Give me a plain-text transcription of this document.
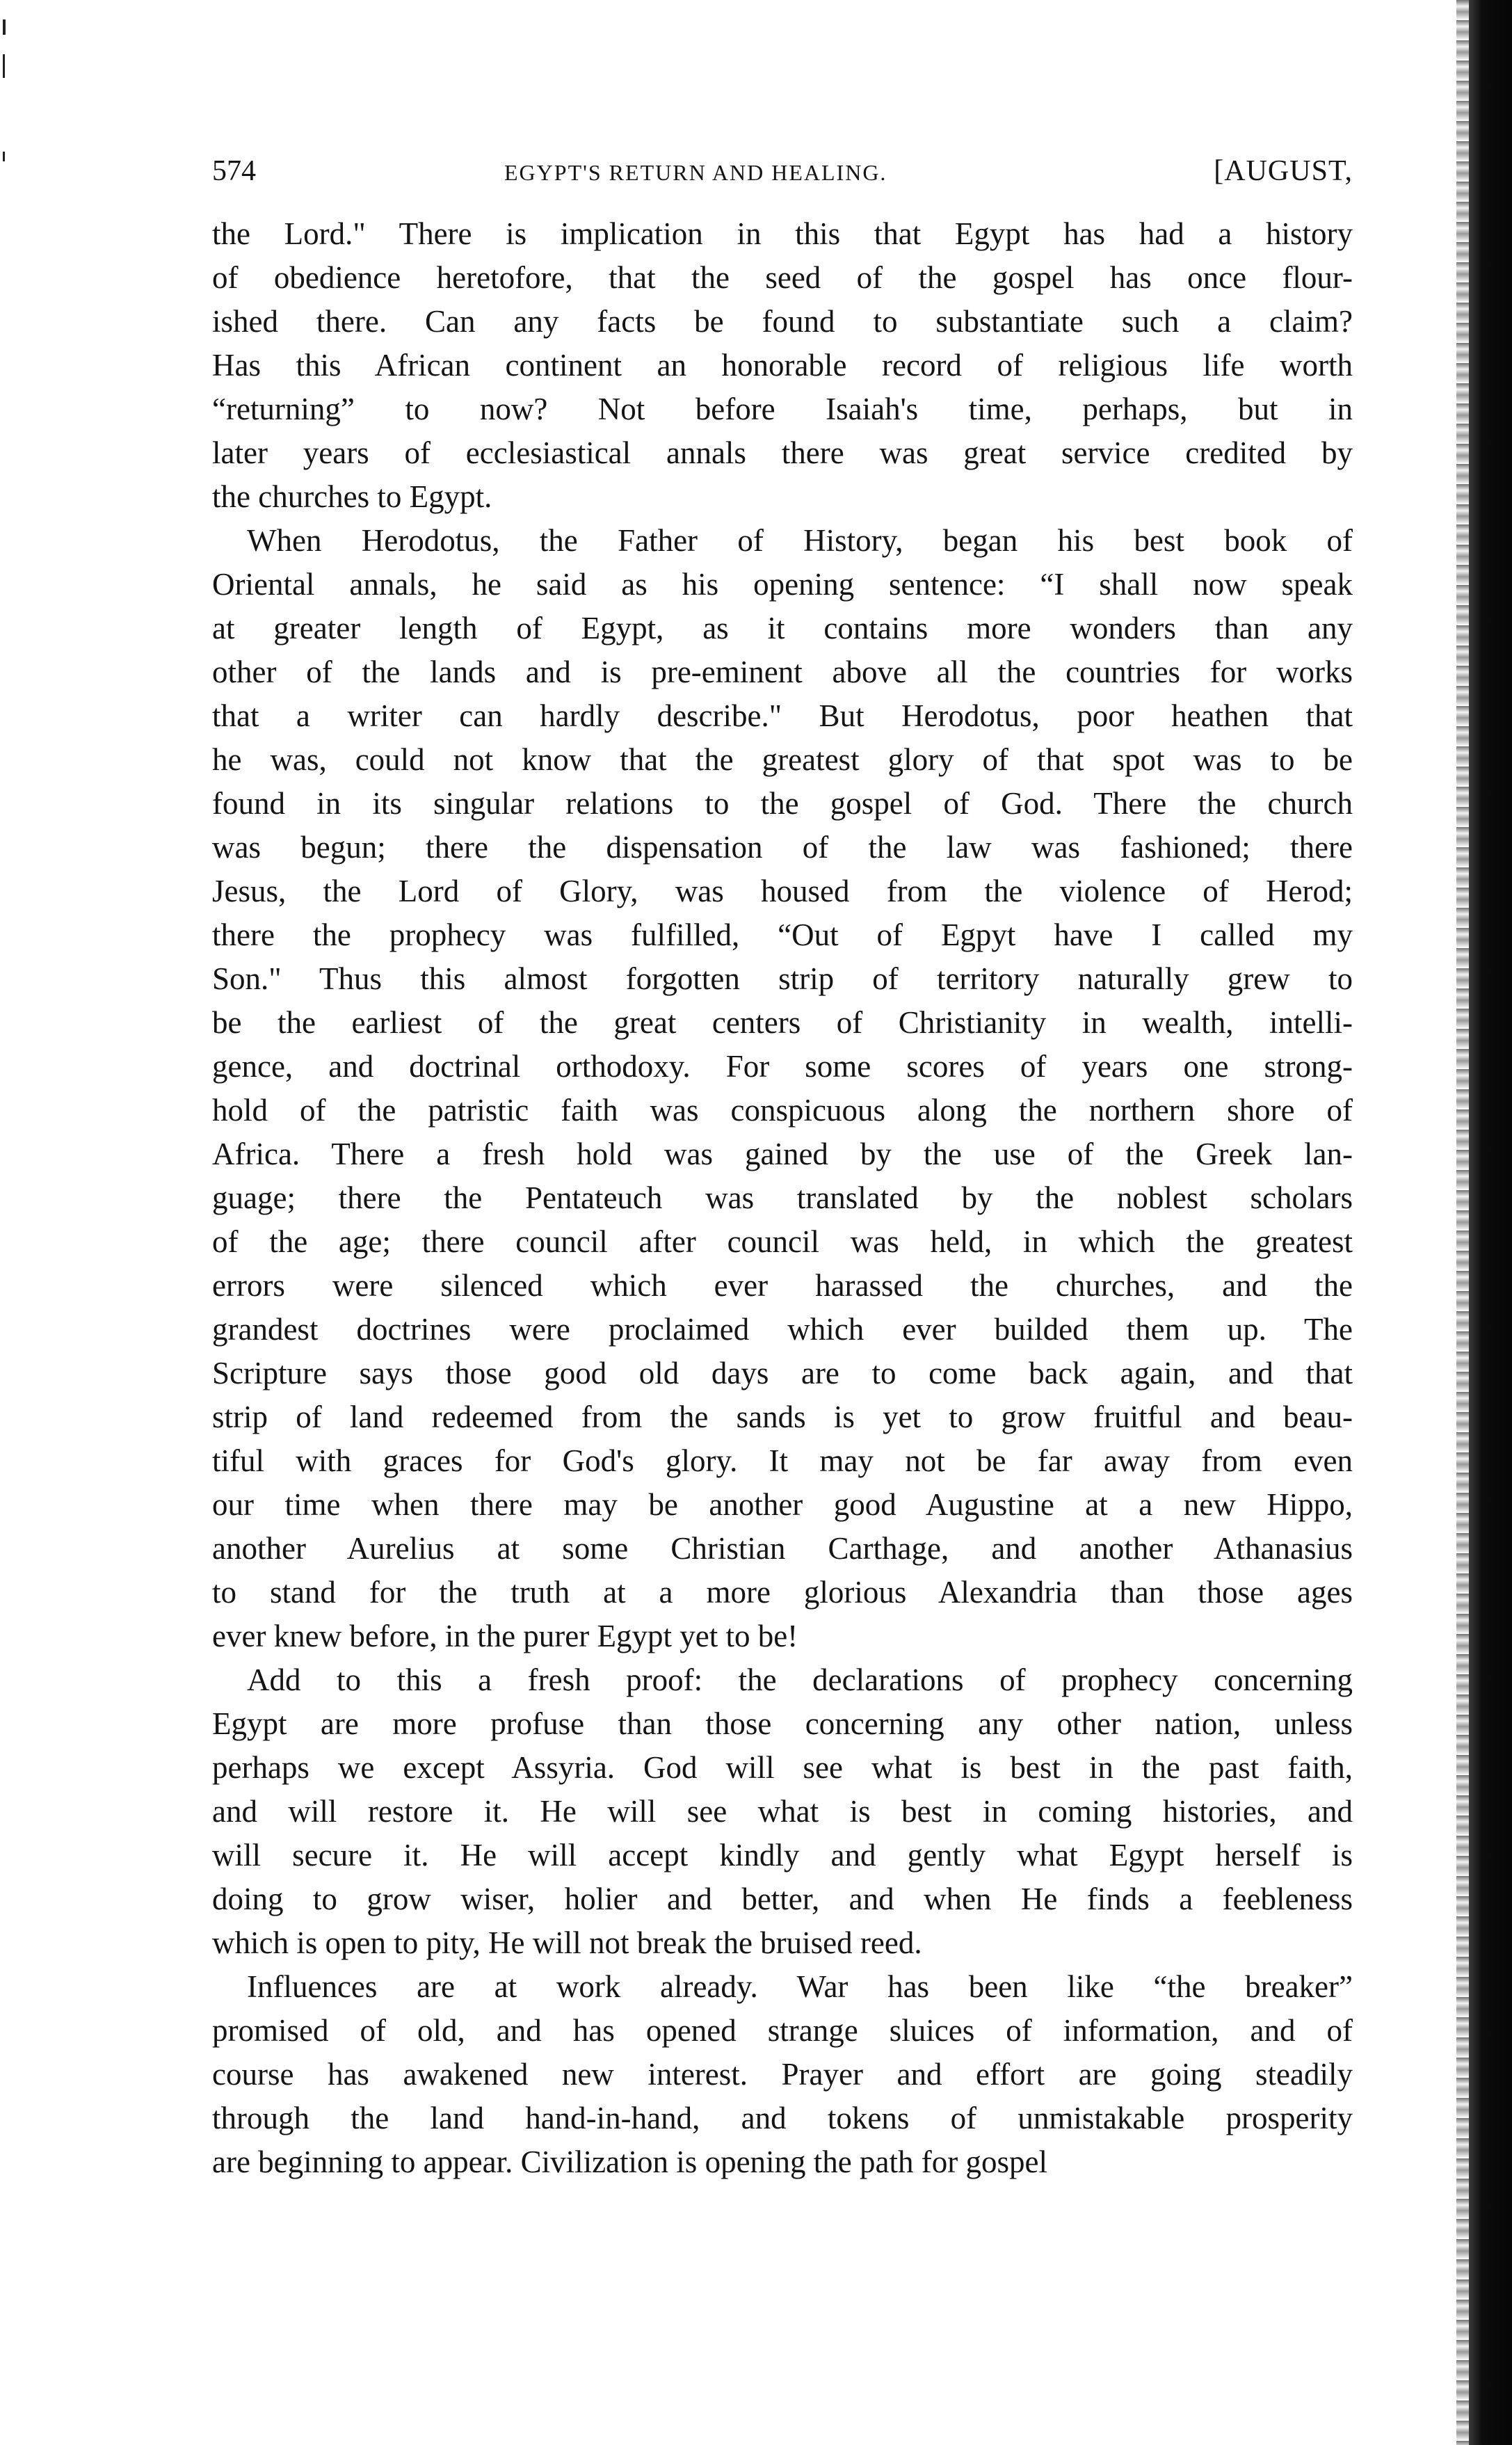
574	EGYPT'S RETURN AND HEALING.	[AUGUST,
the Lord." There is implication in this that Egypt has had a history
of obedience heretofore, that the seed of the gospel has once flour-
ished there. Can any facts be found to substantiate such a claim?
Has this African continent an honorable record of religious life worth
“returning” to now? Not before Isaiah's time, perhaps, but in
later years of ecclesiastical annals there was great service credited by
the churches to Egypt.
When Herodotus, the Father of History, began his best book of
Oriental annals, he said as his opening sentence: “I shall now speak
at greater length of Egypt, as it contains more wonders than any
other of the lands and is pre-eminent above all the countries for works
that a writer can hardly describe." But Herodotus, poor heathen that
he was, could not know that the greatest glory of that spot was to be
found in its singular relations to the gospel of God. There the church
was begun; there the dispensation of the law was fashioned; there
Jesus, the Lord of Glory, was housed from the violence of Herod;
there the prophecy was fulfilled, “Out of Egpyt have I called my
Son." Thus this almost forgotten strip of territory naturally grew to
be the earliest of the great centers of Christianity in wealth, intelli-
gence, and doctrinal orthodoxy. For some scores of years one strong-
hold of the patristic faith was conspicuous along the northern shore of
Africa. There a fresh hold was gained by the use of the Greek lan-
guage; there the Pentateuch was translated by the noblest scholars
of the age; there council after council was held, in which the greatest
errors were silenced which ever harassed the churches, and the
grandest doctrines were proclaimed which ever builded them up. The
Scripture says those good old days are to come back again, and that
strip of land redeemed from the sands is yet to grow fruitful and beau-
tiful with graces for God's glory. It may not be far away from even
our time when there may be another good Augustine at a new Hippo,
another Aurelius at some Christian Carthage, and another Athanasius
to stand for the truth at a more glorious Alexandria than those ages
ever knew before, in the purer Egypt yet to be!
Add to this a fresh proof: the declarations of prophecy concerning
Egypt are more profuse than those concerning any other nation, unless
perhaps we except Assyria. God will see what is best in the past faith,
and will restore it. He will see what is best in coming histories, and
will secure it. He will accept kindly and gently what Egypt herself is
doing to grow wiser, holier and better, and when He finds a feebleness
which is open to pity, He will not break the bruised reed.
Influences are at work already. War has been like “the breaker”
promised of old, and has opened strange sluices of information, and of
course has awakened new interest. Prayer and effort are going steadily
through the land hand-in-hand, and tokens of unmistakable prosperity
are beginning to appear. Civilization is opening the path for gospel
